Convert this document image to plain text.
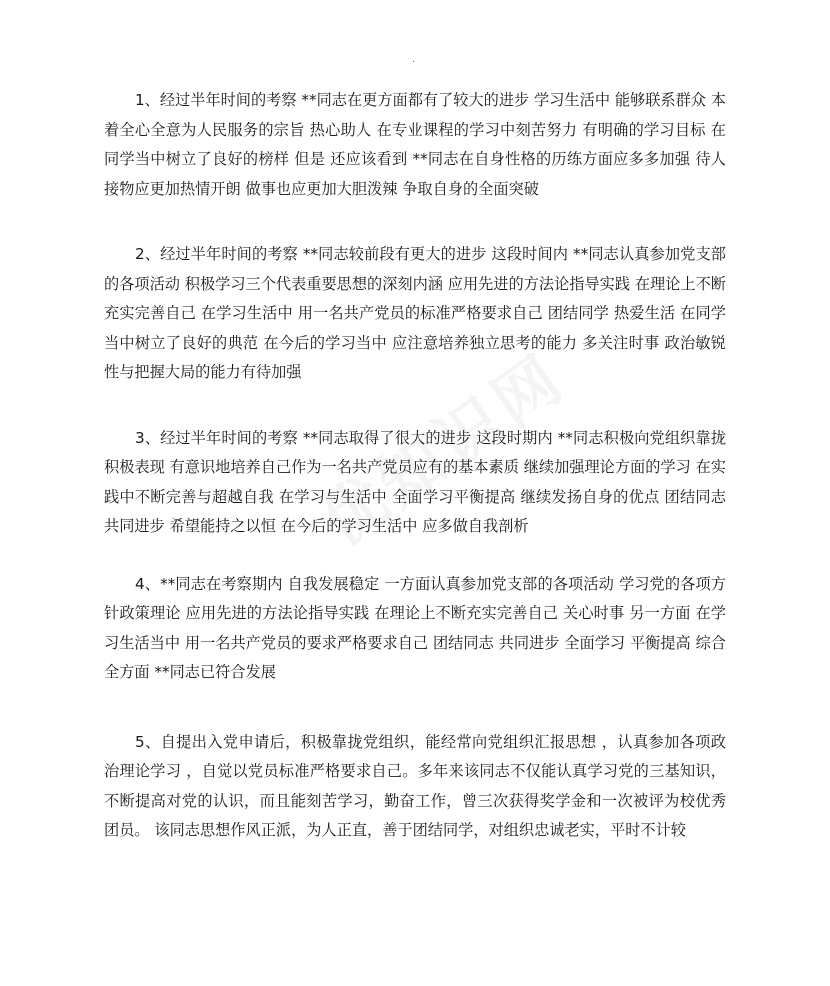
.

1、经过半年时间的考察 **同志在更方面都有了较大的进步 学习生活中 能够联系群众 本着全心全意为人民服务的宗旨 热心助人 在专业课程的学习中刻苦努力 有明确的学习目标 在同学当中树立了良好的榜样 但是 还应该看到 **同志在自身性格的历练方面应多多加强 待人接物应更加热情开朗 做事也应更加大胆泼辣 争取自身的全面突破

2、经过半年时间的考察 **同志较前段有更大的进步 这段时间内 **同志认真参加党支部的各项活动 积极学习三个代表重要思想的深刻内涵 应用先进的方法论指导实践 在理论上不断充实完善自己 在学习生活中 用一名共产党员的标准严格要求自己 团结同学 热爱生活 在同学当中树立了良好的典范 在今后的学习当中 应注意培养独立思考的能力 多关注时事 政治敏锐性与把握大局的能力有待加强

3、经过半年时间的考察 **同志取得了很大的进步 这段时期内 **同志积极向党组织靠拢 积极表现 有意识地培养自己作为一名共产党员应有的基本素质 继续加强理论方面的学习 在实践中不断完善与超越自我 在学习与生活中 全面学习平衡提高 继续发扬自身的优点 团结同志 共同进步 希望能持之以恒 在今后的学习生活中 应多做自我剖析

4、**同志在考察期内 自我发展稳定 一方面认真参加党支部的各项活动 学习党的各项方针政策理论 应用先进的方法论指导实践 在理论上不断充实完善自己 关心时事 另一方面 在学习生活当中 用一名共产党员的要求严格要求自己 团结同志 共同进步 全面学习 平衡提高 综合全方面 **同志已符合发展

5、自提出入党申请后，积极靠拢党组织，能经常向党组织汇报思想 ，认真参加各项政治理论学习 ，自觉以党员标准严格要求自己。多年来该同志不仅能认真学习党的三基知识，不断提高对党的认识，而且能刻苦学习，勤奋工作，曾三次获得奖学金和一次被评为校优秀团员。 该同志思想作风正派，为人正直，善于团结同学，对组织忠诚老实，平时不计较
